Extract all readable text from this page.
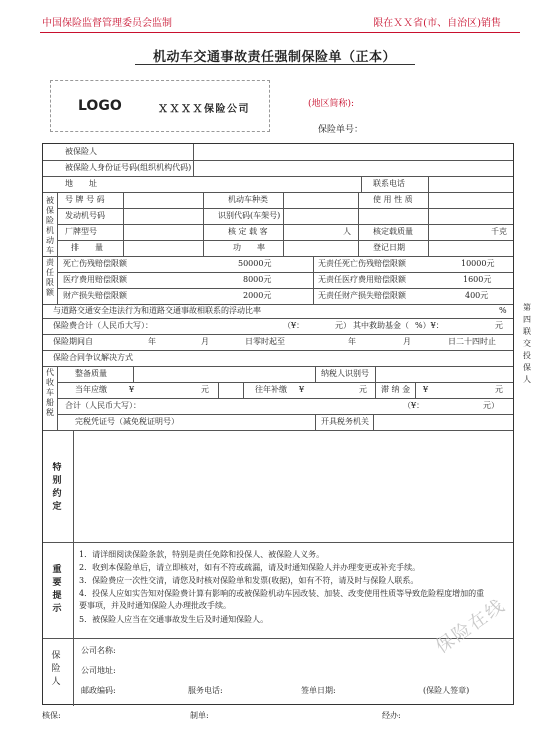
中国保险监督管理委员会监制	限在ＸＸ省(市、自治区)销售
机动车交通事故责任强制保险单（正本）
LOGO	ＸＸＸＸ保险公司	(地区简称):
保险单号：
被保险人
被保险人身份证号码(组织机构代码)
地　　址	联系电话
被保险机动车
号 牌 号 码	机动车种类	使 用 性 质
发动机号码	识别代码(车架号)
厂牌型号	核 定 载 客	人	核定载质量	千克
排　　量	功　　率	登记日期
责任限额
死亡伤残赔偿限额	50000元	无责任死亡伤残赔偿限额	10000元
医疗费用赔偿限额	8000元	无责任医疗费用赔偿限额	1600元
财产损失赔偿限额	2000元	无责任财产损失赔偿限额	400元
与道路交通安全违法行为和道路交通事故相联系的浮动比率	%
保险费合计（人民币大写）：	（¥：	元） 其中救助基金（ %）¥：	元
保险期间自	年	月	日零时起至	年	月	日二十四时止
保险合同争议解决方式
代收车船税
整备质量	纳税人识别号
当年应缴	¥	元	往年补缴 ¥	元 滞 纳 金 ¥	元
合计（人民币大写）：	（¥：	元）
完税凭证号（减免税证明号）	开具税务机关
特别约定
重要提示
1．请详细阅读保险条款，特别是责任免除和投保人、被保险人义务。
2．收到本保险单后，请立即核对，如有不符或疏漏，请及时通知保险人并办理变更或补充手续。
3．保险费应一次性交清，请您及时核对保险单和发票(收据)，如有不符，请及时与保险人联系。
4．投保人应如实告知对保险费计算有影响的或被保险机动车因改装、加装、改变使用性质等导致危险程度增加的重要事项，并及时通知保险人办理批改手续。
5．被保险人应当在交通事故发生后及时通知保险人。
保险人
公司名称:
公司地址:
邮政编码:	服务电话:	签单日期:	(保险人签章)
第四联　交投保人
保险在线
核保:	制单:	经办:
